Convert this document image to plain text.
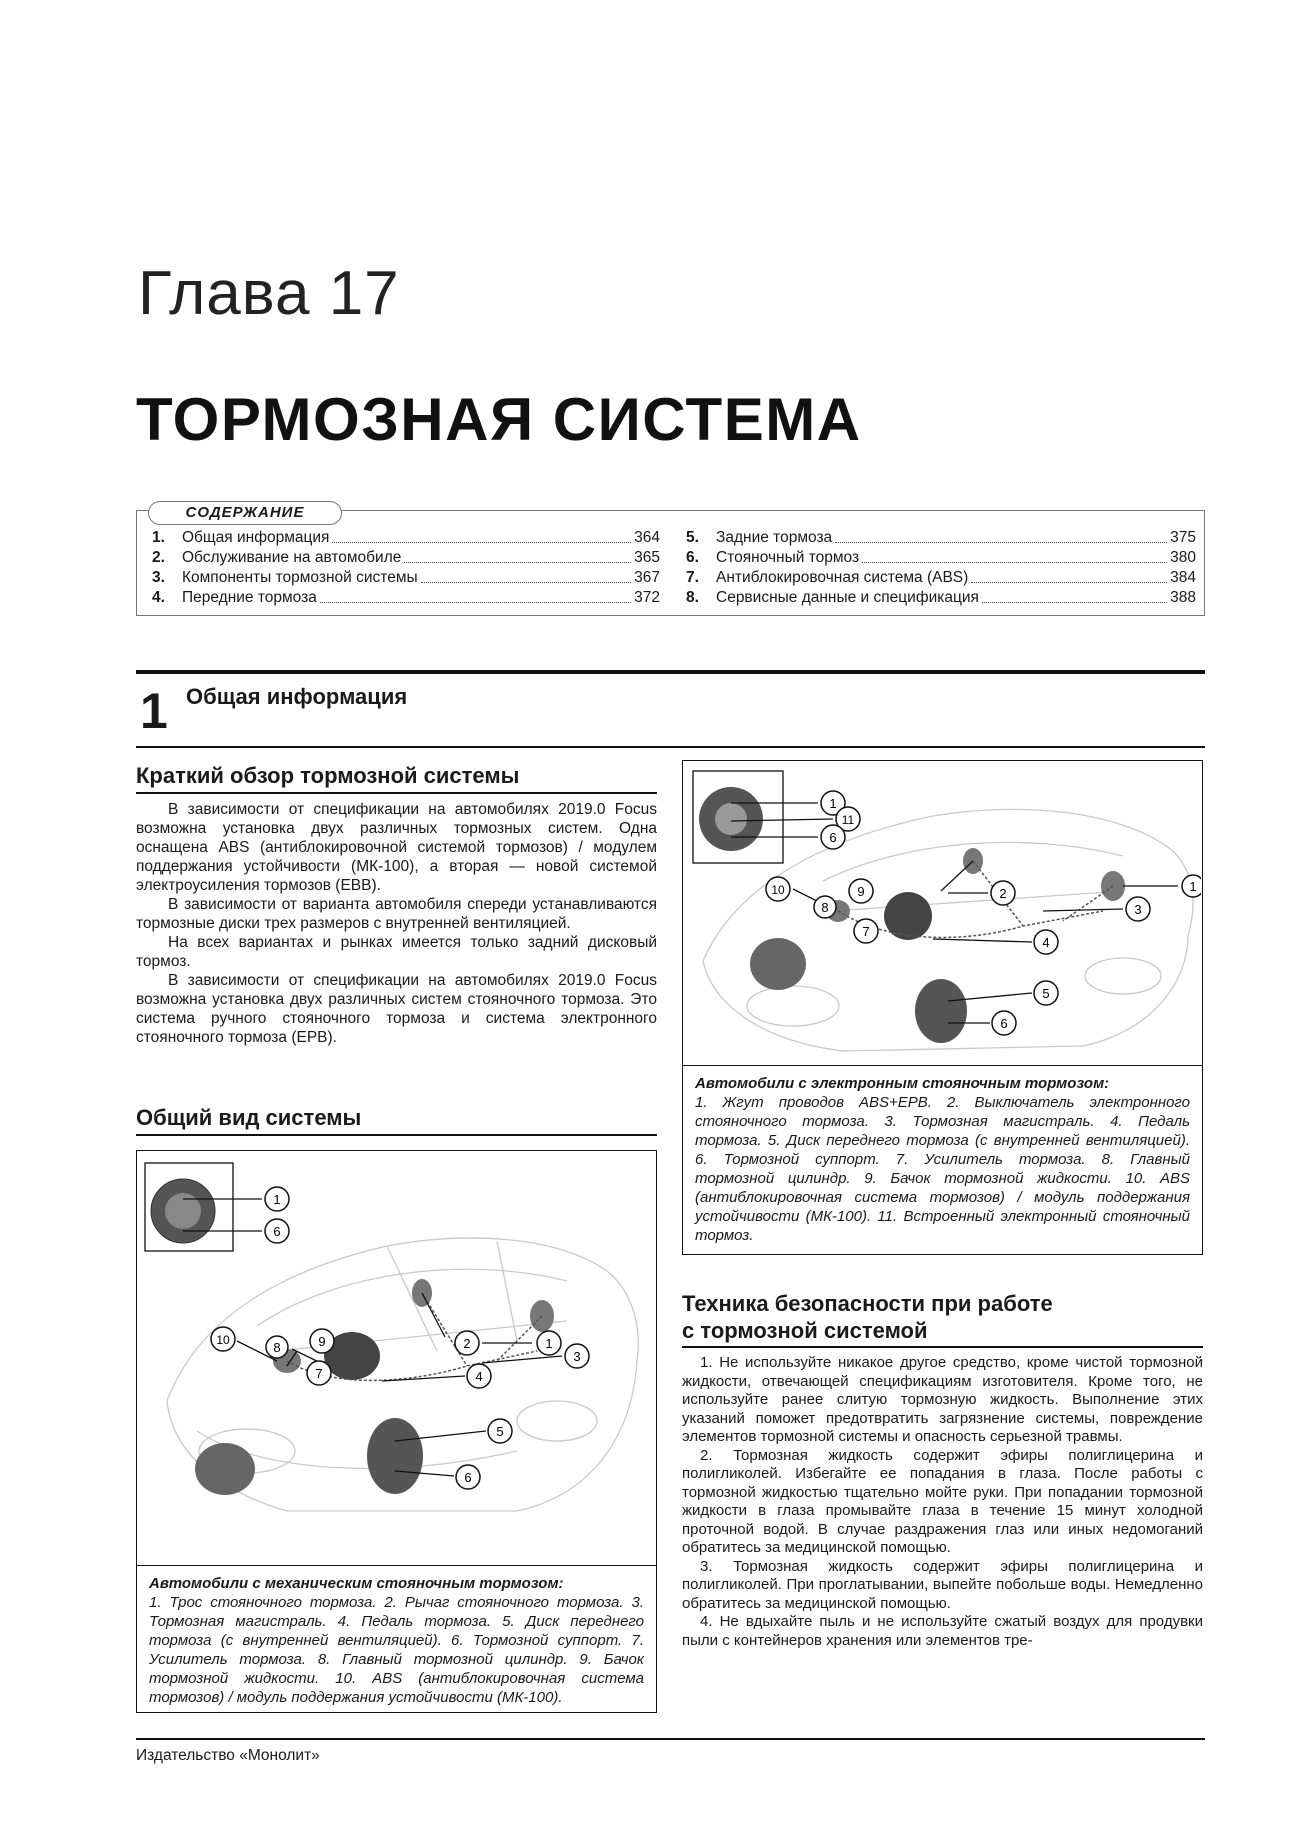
Глава 17
ТОРМОЗНАЯ СИСТЕМА
СОДЕРЖАНИЕ
1.	Общая информация	364
2.	Обслуживание на автомобиле	365
3.	Компоненты тормозной системы	367
4.	Передние тормоза	372
5.	Задние тормоза	375
6.	Стояночный тормоз	380
7.	Антиблокировочная система (ABS)	384
8.	Сервисные данные и спецификация	388
1 Общая информация
Краткий обзор тормозной системы

В зависимости от спецификации на автомобилях 2019.0 Focus возможна установка двух различных тормозных систем. Одна оснащена ABS (антиблокировочной системой тормозов) / модулем поддержания устойчивости (МК-100), а вторая — новой системой электроусиления тормозов (EBB).

В зависимости от варианта автомобиля спереди устанавливаются тормозные диски трех размеров с внутренней вентиляцией.

На всех вариантах и рынках имеется только задний дисковый тормоз.

В зависимости от спецификации на автомобилях 2019.0 Focus возможна установка двух различных систем стояночного тормоза. Это система ручного стояночного тормоза и система электронного стояночного тормоза (EPB).

Общий вид системы
1
6
2	1
3
4
5
6
10	8	9
7
Автомобили с механическим стояночным тормозом:
1. Трос стояночного тормоза. 2. Рычаг стояночного тормоза. 3. Тормозная магистраль. 4. Педаль тормоза. 5. Диск переднего тормоза (с внутренней вентиляцией). 6. Тормозной суппорт. 7. Усилитель тормоза. 8. Главный тормозной цилиндр. 9. Бачок тормозной жидкости. 10. ABS (антиблокировочная система тормозов) / модуль поддержания устойчивости (МК-100).
1
11
6
2	1
3
4
5
6
10
8
9
7
Автомобили с электронным стояночным тормозом:
1. Жгут проводов ABS+EPB. 2. Выключатель электронного стояночного тормоза. 3. Тормозная магистраль. 4. Педаль тормоза. 5. Диск переднего тормоза (с внутренней вентиляцией). 6. Тормозной суппорт. 7. Усилитель тормоза. 8. Главный тормозной цилиндр. 9. Бачок тормозной жидкости. 10. ABS (антиблокировочная система тормозов) / модуль поддержания устойчивости (МК-100). 11. Встроенный электронный стояночный тормоз.
Техника безопасности при работе
с тормозной системой

1. Не используйте никакое другое средство, кроме чистой тормозной жидкости, отвечающей спецификациям изготовителя. Кроме того, не используйте ранее слитую тормозную жидкость. Выполнение этих указаний поможет предотвратить загрязнение системы, повреждение элементов тормозной системы и опасность серьезной травмы.

2. Тормозная жидкость содержит эфиры полиглицерина и полигликолей. Избегайте ее попадания в глаза. После работы с тормозной жидкостью тщательно мойте руки. При попадании тормозной жидкости в глаза промывайте глаза в течение 15 минут холодной проточной водой. В случае раздражения глаз или иных недомоганий обратитесь за медицинской помощью.

3. Тормозная жидкость содержит эфиры полиглицерина и полигликолей. При проглатывании, выпейте побольше воды. Немедленно обратитесь за медицинской помощью.

4. Не вдыхайте пыль и не используйте сжатый воздух для продувки пыли с контейнеров хранения или элементов тре-

Издательство «Монолит»
